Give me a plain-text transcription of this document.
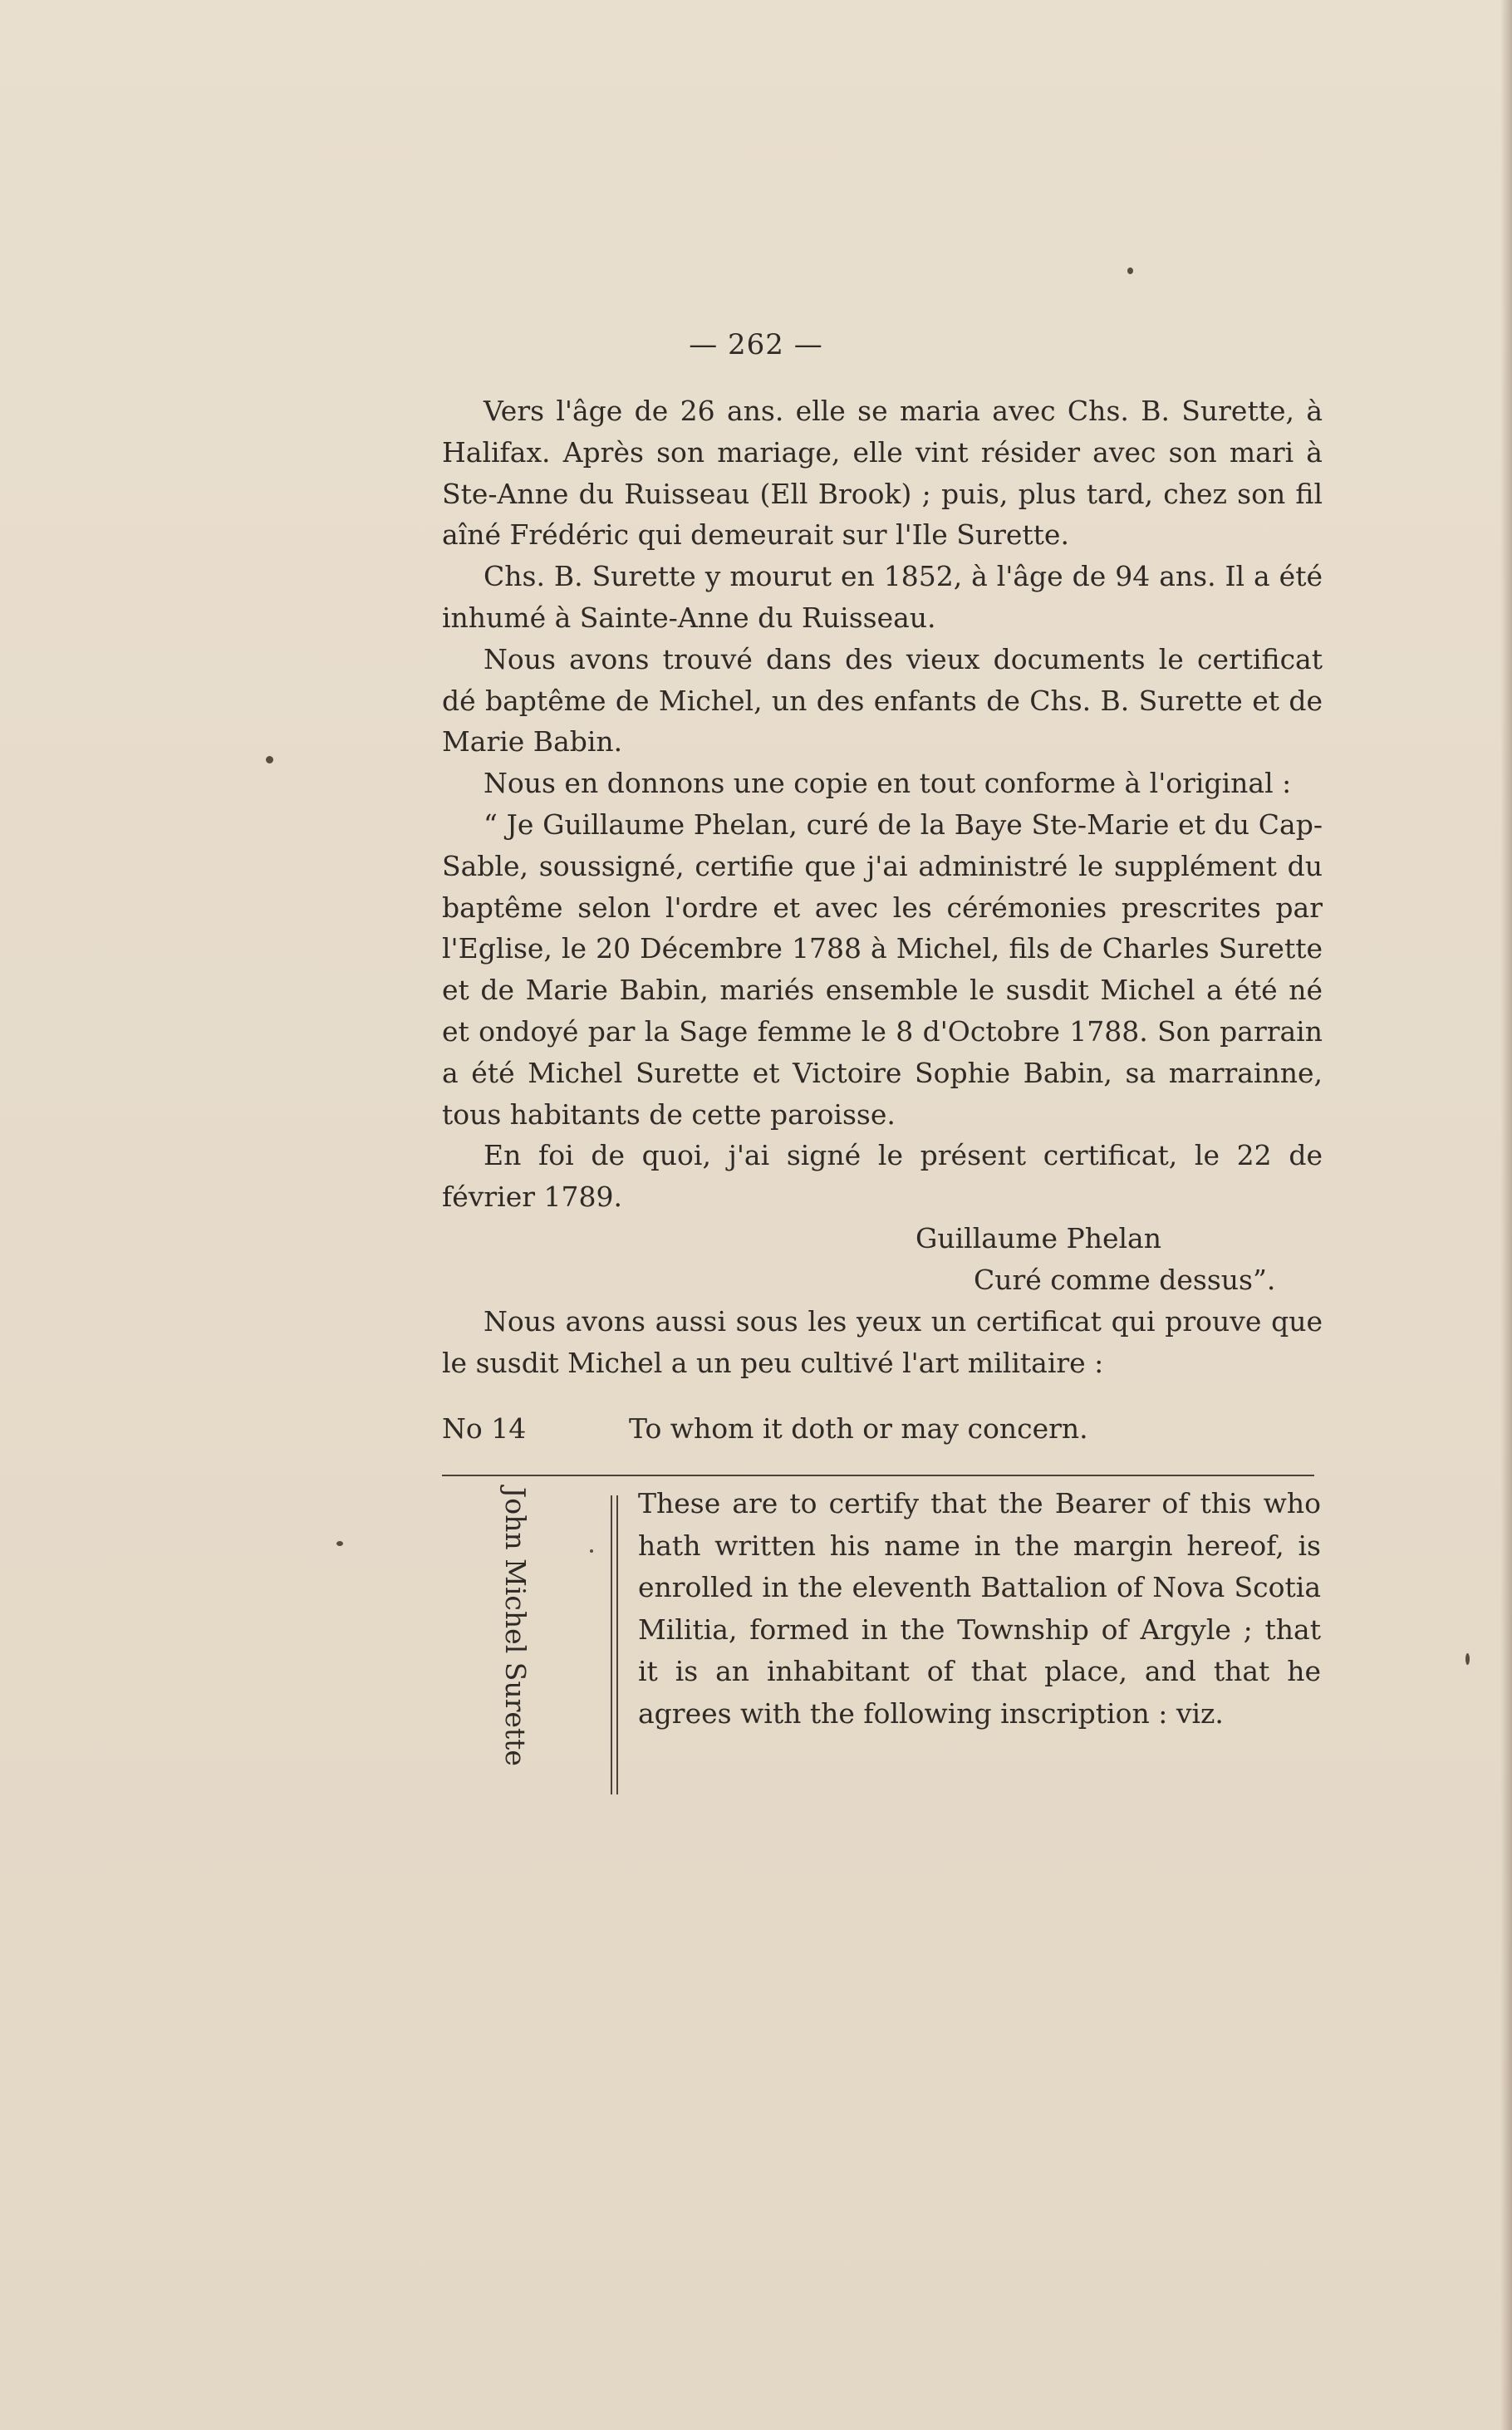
— 262 —

Vers l'âge de 26 ans. elle se maria avec Chs. B. Surette, à Halifax. Après son mariage, elle vint résider avec son mari à Ste-Anne du Ruisseau (Ell Brook) ; puis, plus tard, chez son fil aîné Frédéric qui demeurait sur l'Ile Surette.

Chs. B. Surette y mourut en 1852, à l'âge de 94 ans. Il a été inhumé à Sainte-Anne du Ruisseau.

Nous avons trouvé dans des vieux documents le certificat dé baptême de Michel, un des enfants de Chs. B. Surette et de Marie Babin.

Nous en donnons une copie en tout conforme à l'original :

“ Je Guillaume Phelan, curé de la Baye Ste-Marie et du Cap-Sable, soussigné, certifie que j'ai administré le supplément du baptême selon l'ordre et avec les cérémonies prescrites par l'Eglise, le 20 Décembre 1788 à Michel, fils de Charles Surette et de Marie Babin, mariés ensemble le susdit Michel a été né et ondoyé par la Sage femme le 8 d'Octobre 1788. Son parrain a été Michel Surette et Victoire Sophie Babin, sa marrainne, tous habitants de cette paroisse.

En foi de quoi, j'ai signé le présent certificat, le 22 de février 1789.

Guillaume Phelan
Curé comme dessus”.

Nous avons aussi sous les yeux un certificat qui prouve que le susdit Michel a un peu cultivé l'art militaire :

No 14	To whom it doth or may concern.
John Michel Surette	These are to certify that the Bearer of this who hath written his name in the margin hereof, is enrolled in the eleventh Battalion of Nova Scotia Militia, formed in the Township of Argyle ; that it is an inhabitant of that place, and that he agrees with the following inscription : viz.
